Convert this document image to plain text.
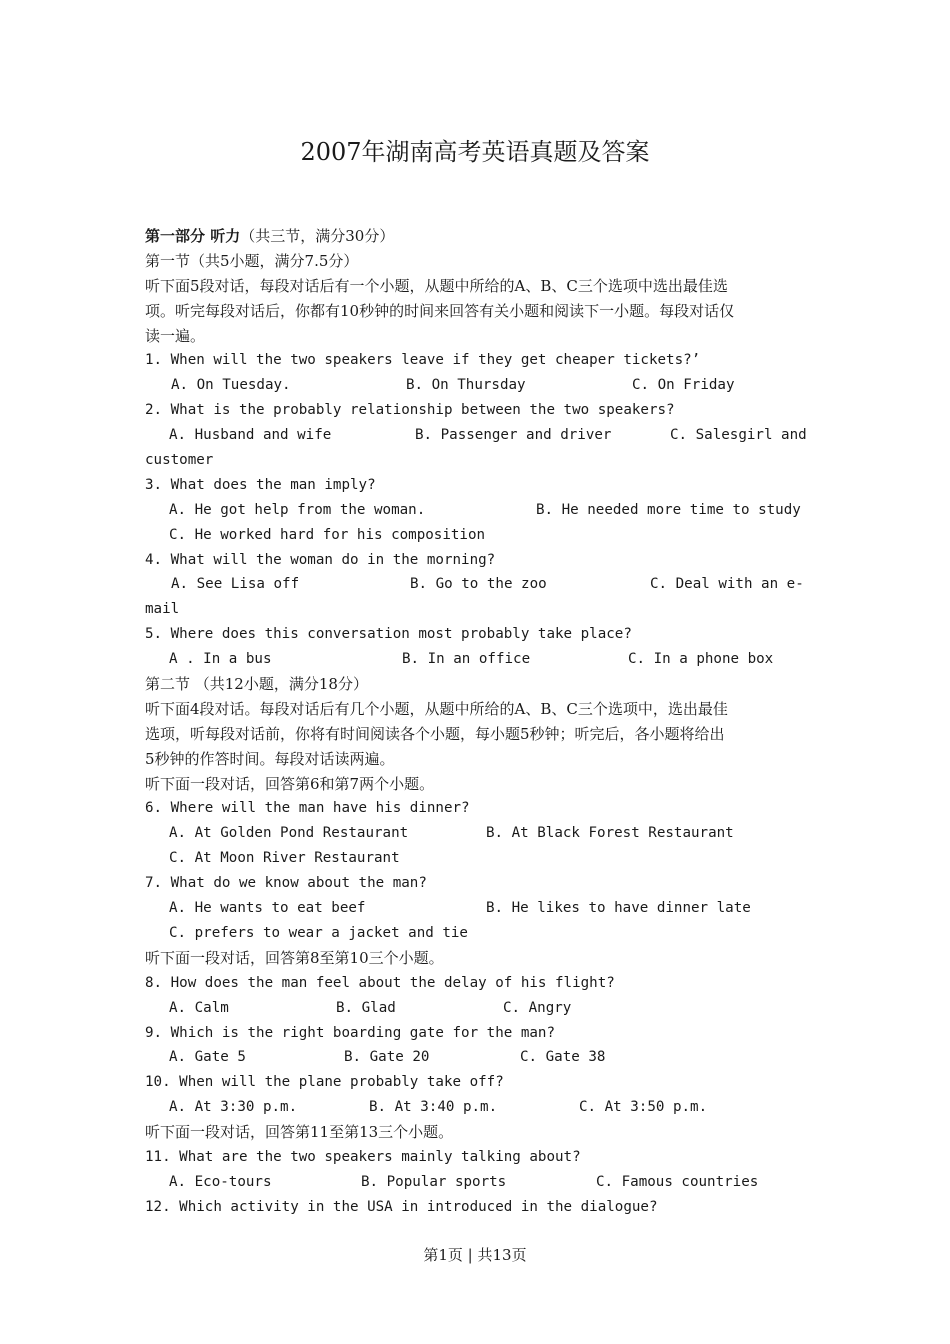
2007年湖南高考英语真题及答案
第一部分 听力（共三节，满分30分）
第一节（共5小题，满分7.5分）
听下面5段对话，每段对话后有一个小题，从题中所给的A、B、C三个选项中选出最佳选
项。听完每段对话后，你都有10秒钟的时间来回答有关小题和阅读下一小题。每段对话仅
读一遍。
1. When will the two speakers leave if they get cheaper tickets?’
A. On Tuesday.	B. On Thursday	C. On Friday
2. What is the probably relationship between the two speakers?
A. Husband and wife	B. Passenger and driver	C. Salesgirl and
customer
3. What does the man imply?
A. He got help from the woman.	B. He needed more time to study
C. He worked hard for his composition
4. What will the woman do in the morning?
A. See Lisa off	B. Go to the zoo	C. Deal with an e-
mail
5. Where does this conversation most probably take place?
A . In a bus	B. In an office	C. In a phone box
第二节 （共12小题，满分18分）
听下面4段对话。每段对话后有几个小题，从题中所给的A、B、C三个选项中，选出最佳
选项，听每段对话前，你将有时间阅读各个小题，每小题5秒钟；听完后，各小题将给出
5秒钟的作答时间。每段对话读两遍。
听下面一段对话，回答第6和第7两个小题。
6. Where will the man have his dinner?
A. At Golden Pond Restaurant	B. At Black Forest Restaurant
C. At Moon River Restaurant
7. What do we know about the man?
A. He wants to eat beef	B. He likes to have dinner late
C. prefers to wear a jacket and tie
听下面一段对话，回答第8至第10三个小题。
8. How does the man feel about the delay of his flight?
A. Calm	B. Glad	C. Angry
9. Which is the right boarding gate for the man?
A. Gate 5	B. Gate 20	C. Gate 38
10. When will the plane probably take off?
A. At 3:30 p.m.	B. At 3:40 p.m.	C. At 3:50 p.m.
听下面一段对话，回答第11至第13三个小题。
11. What are the two speakers mainly talking about?
A. Eco-tours	B. Popular sports	C. Famous countries
12. Which activity in the USA in introduced in the dialogue?
第1页 | 共13页
